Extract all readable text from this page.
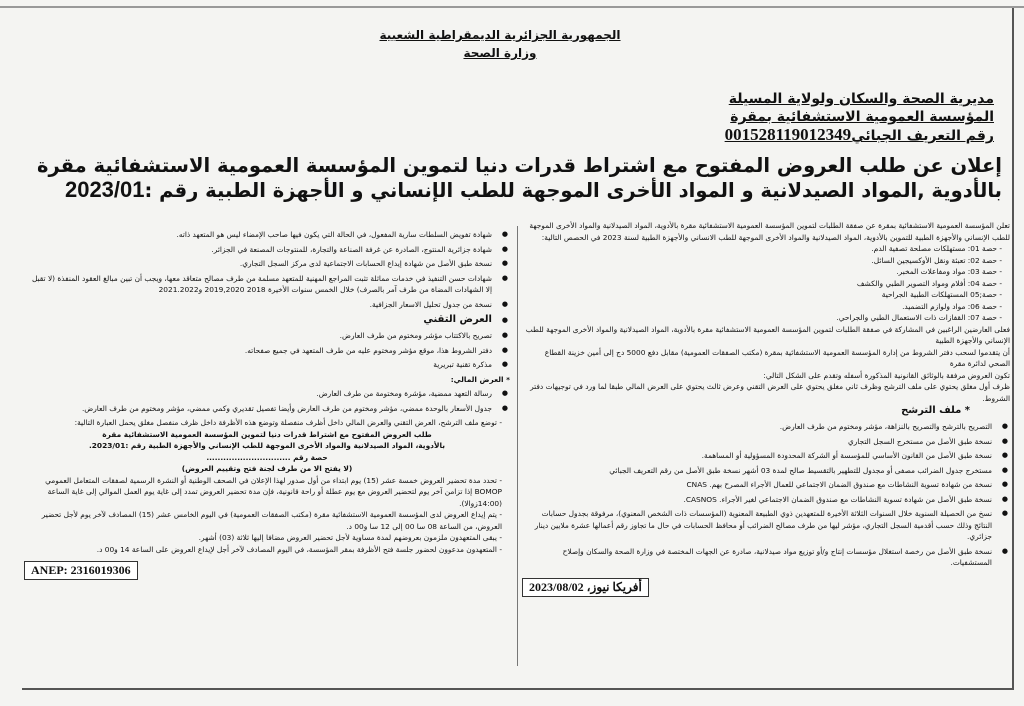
الجمهورية الجزائرية الديمقراطية الشعبية
وزارة الصحة
مديرية الصحة والسكان ولولاية المسيلة
المؤسسة العمومية الاستشفائية بمقرة
رقم التعريف الجبائي001528119012349
إعلان عن طلب العروض المفتوح مع اشتراط قدرات دنيا لتموين المؤسسة العمومية الاستشفائية مقرة
بالأدوية ,المواد الصيدلانية و المواد الأخرى الموجهة للطب الإنساني و الأجهزة الطبية رقم :2023/01
تعلن المؤسسة العمومية الاستشفائية بمقرة عن صفقة الطلبات لتموين المؤسسة العمومية الاستشفائية مقرة بالأدوية، المواد الصيدلانية والمواد الأخرى الموجهة للطب الإنساني والأجهزة الطبية للتموين بالأدوية، المواد الصيدلانية والمواد الأخرى الموجهة للطب الانساني والأجهزة الطبية لسنة 2023 في الحصص التالية:
- حصة 01: مستهلكات مصلحة تصفية الدم.
- حصة 02: تعبئة ونقل الأوكسيجين السائل.
- حصة 03: مواد ومفاعلات المخبر.
- حصة 04: أفلام ومواد التصوير الطبي والكشف
- حصة;05 المستهلكات الطبية الجراحية
- حصة 06: مواد ولوازم التضميد.
- حصة 07: القفازات ذات الاستعمال الطبي والجراحي.
فعلى العارضين الراغبين في المشاركة في صفقة الطلبات لتموين المؤسسة العمومية الاستشفائية مقرة بالأدوية، المواد الصيدلانية والمواد الأخرى الموجهة للطب الإنساني والأجهزة الطبية
أن يتقدموا لسحب دفتر الشروط من إدارة المؤسسة العمومية الاستشفائية بمقرة (مكتب الصفقات العمومية) مقابل دفع 5000 دج إلى أمين خزينة القطاع الصحي لدائرة مقرة
تكون العروض مرفقة بالوثائق القانونية المذكورة أسفله وتقدم على الشكل التالي:
ظرف أول مغلق يحتوي على ملف الترشح وظرف ثاني مغلق يحتوي على العرض التقني وعرض ثالث يحتوي على العرض المالي طبقا لما ورد في توجيهات دفتر الشروط.
* ملف الترشح
● التصريح بالترشح والتصريح بالنزاهة، مؤشر ومختوم من طرف العارض.
● نسخة طبق الأصل من مستخرج السجل التجاري
● نسخة طبق الأصل من القانون الأساسي للمؤسسة أو الشركة المحدودة المسؤولية أو المساهمة.
● مستخرج جدول الضرائب مصفى أو مجدول للتطهير بالتقسيط صالح لمدة 03 أشهر نسخة طبق الأصل من رقم التعريف الجبائي
● نسخة من شهادة تسوية النشاطات مع صندوق الضمان الاجتماعي للعمال الأجراء المصرح بهم. CNAS
● نسخة طبق الأصل من شهادة تسوية النشاطات مع صندوق الضمان الاجتماعي لغير الأجراء. CASNOS.
● نسخ من الحصيلة السنوية خلال السنوات الثلاثة الأخيرة للمتعهدين ذوي الطبيعة المعنوية (المؤسسات ذات الشخص المعنوي)، مرفوقة بجدول حسابات النتائج وذلك حسب أقدمية السجل التجاري، مؤشر ليها من طرف مصالح الضرائب أو محافظ الحسابات في حال ما تجاوز رقم أعمالها عشرة ملايين دينار جزائري.
● نسخة طبق الأصل من رخصة استغلال مؤسسات إنتاج و/أو توزيع مواد صيدلانية، صادرة عن الجهات المختصة في وزارة الصحة والسكان وإصلاح المستشفيات.
أفريكا نيوز، 2023/08/02
● شهادة تفويض السلطات سارية المفعول، في الحالة التي يكون فيها صاحب الإمضاء ليس هو المتعهد ذاته.
● شهادة جزائرية المنتوج، الصادرة عن غرفة الصناعة والتجارة، للمنتوجات المصنعة في الجزائر.
● نسخة طبق الأصل من شهادة إيداع الحسابات الاجتماعية لدى مركز السجل التجاري.
● شهادات حسن التنفيذ في خدمات مماثلة تثبت المراجع المهنية للمتعهد مسلمة من طرف مصالح متعاقد معها، ويجب أن تبين مبالغ العقود المنفذة (لا تقبل إلا الشهادات المضاة من طرف آمر بالصرف) خلال الخمس سنوات الأخيرة 2018 2019,2020 و2021.2022
● نسخة من جدول تحليل الاسعار الجزافية.
● العرض التقني
● تصريح بالاكتتاب مؤشر ومختوم من طرف العارض.
● دفتر الشروط هذا، موقع مؤشر ومختوم عليه من طرف المتعهد في جميع صفحاته.
● مذكرة تقنية تبريرية
* العرض المالي:
● رسالة التعهد ممضية، مؤشرة ومختومة من طرف العارض.
● جدول الأسعار بالوحدة ممضي، مؤشر ومختوم من طرف العارض وأيضا تفصيل تقديري وكمي ممضي، مؤشر ومختوم من طرف العارض.
- توضع ملف الترشح، العرض التقني والعرض المالي داخل أظرف منفصلة وتوضع هذه الأظرفة داخل ظرف منفصل مغلق يحمل العبارة التالية:
طلب العروض المفتوح مع اشتراط قدرات دنيا لتموين المؤسسة العمومية الاستشفائية مقرة
بالأدوية، المواد الصيدلانية والمواد الأخرى الموجهة للطب الإنساني والأجهزة الطبية رقم :2023/01.
حصة رقم ..............................
(لا يفتح الا من طرف لجنة فتح وتقييم العروض)
- تحدد مدة تحضير العروض خمسة عشر (15) يوم ابتداء من أول صدور لهذا الإعلان في الصحف الوطنية أو النشرة الرسمية لصفقات المتعامل العمومي BOMOP إذا تزامن آخر يوم لتحضير العروض مع يوم عطلة أو راحة قانونية، فإن مدة تحضير العروض تمدد إلى غاية يوم العمل الموالي إلى غاية الساعة (14:00زوالا).
- يتم إيداع العروض لدى المؤسسة العمومية الاستشفائية مقرة (مكتب الصفقات العمومية) في اليوم الخامس عشر (15) المصادف لآخر يوم لأجل تحضير العروض، من الساعة 08 سا 00 إلى 12 سا و00 د.
- يبقى المتعهدون ملزمون بعروضهم لمدة مساوية لأجل تحضير العروض مضافا إليها ثلاثة (03) أشهر.
- المتعهدون مدعوون لحضور جلسة فتح الأظرفة بمقر المؤسسة، في اليوم المصادف لآخر أجل لإيداع العروض على الساعة 14 و00 د.
ANEP: 2316019306
